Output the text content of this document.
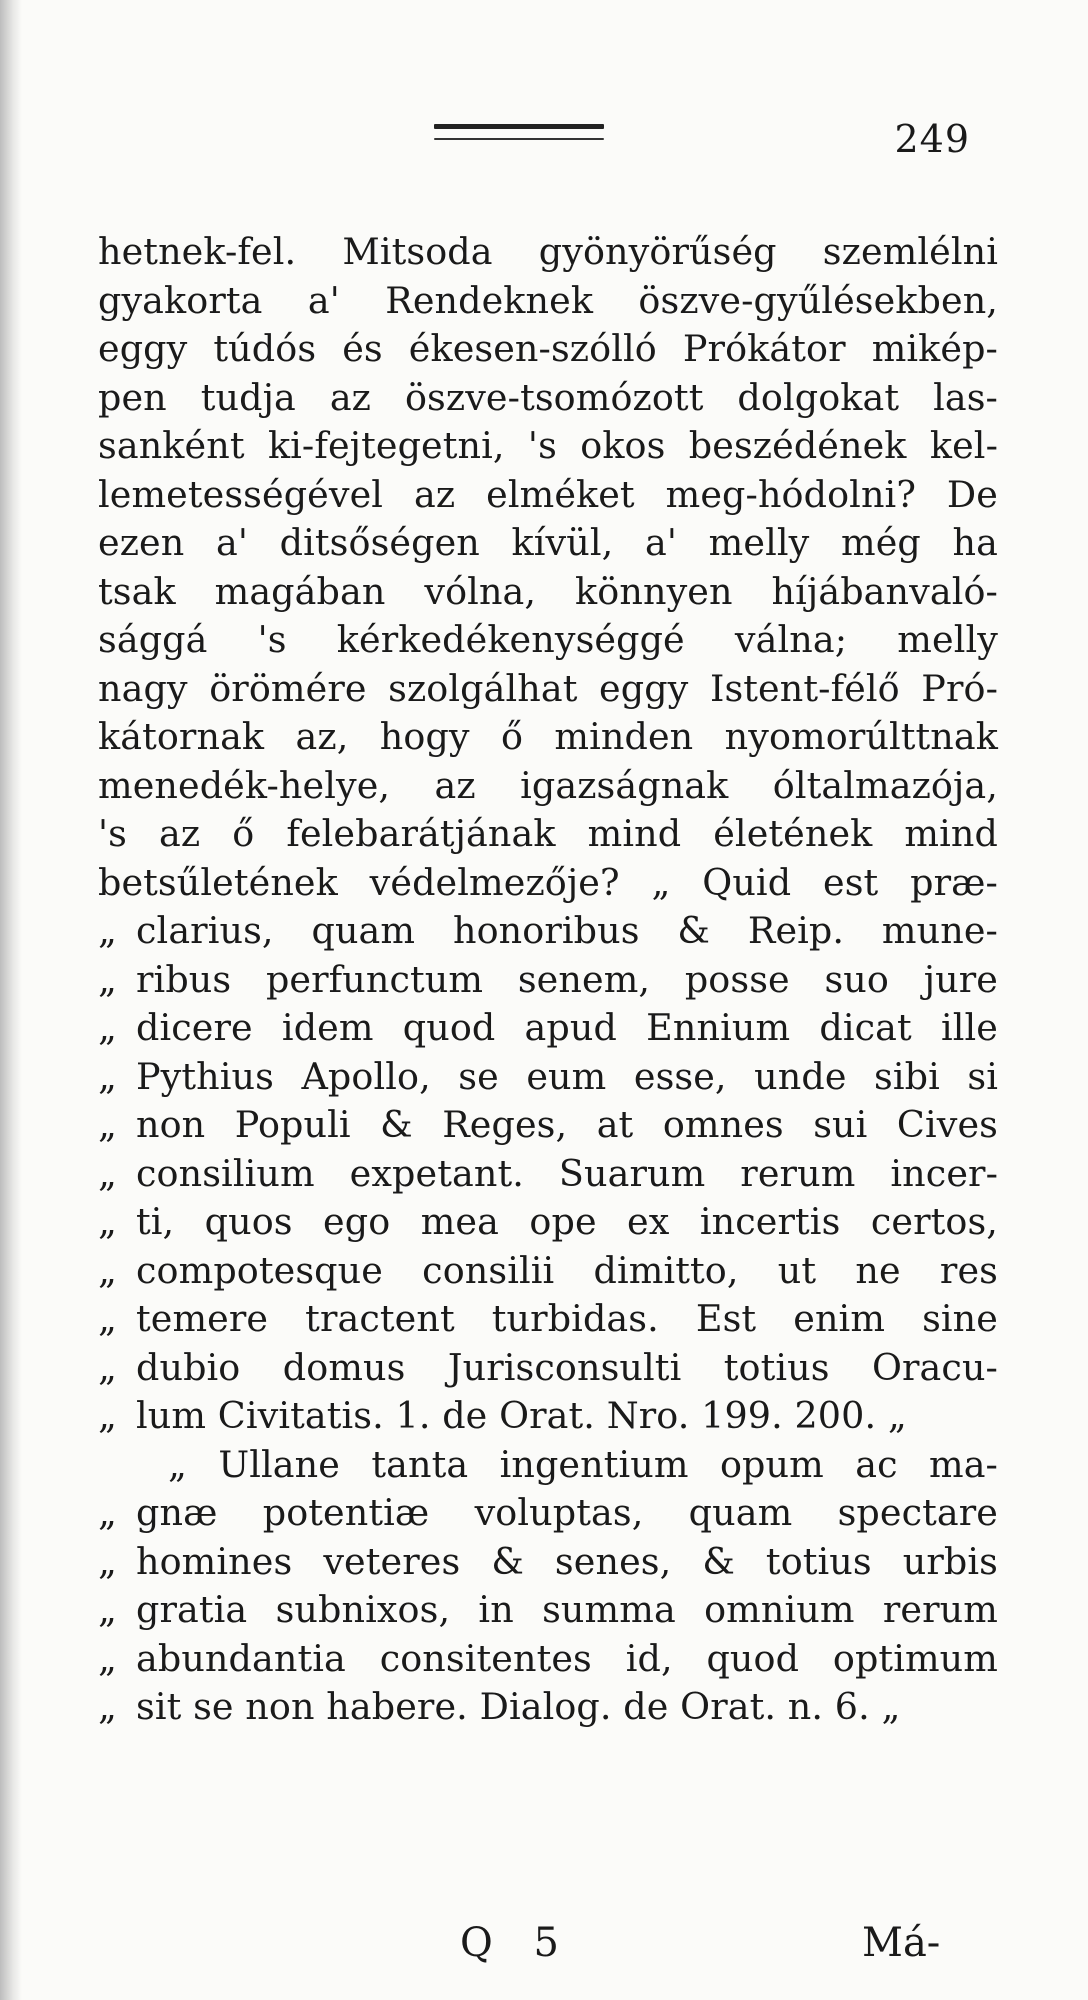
249
hetnek-fel. Mitsoda gyönyörűség szemlélni
gyakorta a' Rendeknek öszve-gyűlésekben,
eggy túdós és ékesen-szólló Prókátor mikép-
pen tudja az öszve-tsomózott dolgokat las-
sanként ki-fejtegetni, 's okos beszédének kel-
lemetességével az elméket meg-hódolni? De
ezen a' ditsőségen kívül, a' melly még ha
tsak magában vólna, könnyen híjábanvaló-
sággá 's kérkedékenységgé válna; melly
nagy örömére szolgálhat eggy Istent-félő Pró-
kátornak az, hogy ő minden nyomorúlttnak
menedék-helye, az igazságnak óltalmazója,
's az ő felebarátjának mind életének mind
betsűletének védelmezője? „ Quid est præ-
„ clarius, quam honoribus & Reip. mune-
„ ribus perfunctum senem, posse suo jure
„ dicere idem quod apud Ennium dicat ille
„ Pythius Apollo, se eum esse, unde sibi si
„ non Populi & Reges, at omnes sui Cives
„ consilium expetant. Suarum rerum incer-
„ ti, quos ego mea ope ex incertis certos,
„ compotesque consilii dimitto, ut ne res
„ temere tractent turbidas. Est enim sine
„ dubio domus Jurisconsulti totius Oracu-
„ lum Civitatis. 1. de Orat. Nro. 199. 200. „
„ Ullane tanta ingentium opum ac ma-
„ gnæ potentiæ voluptas, quam spectare
„ homines veteres & senes, & totius urbis
„ gratia subnixos, in summa omnium rerum
„ abundantia consitentes id, quod optimum
„ sit se non habere. Dialog. de Orat. n. 6. „
Q 5	Má-
